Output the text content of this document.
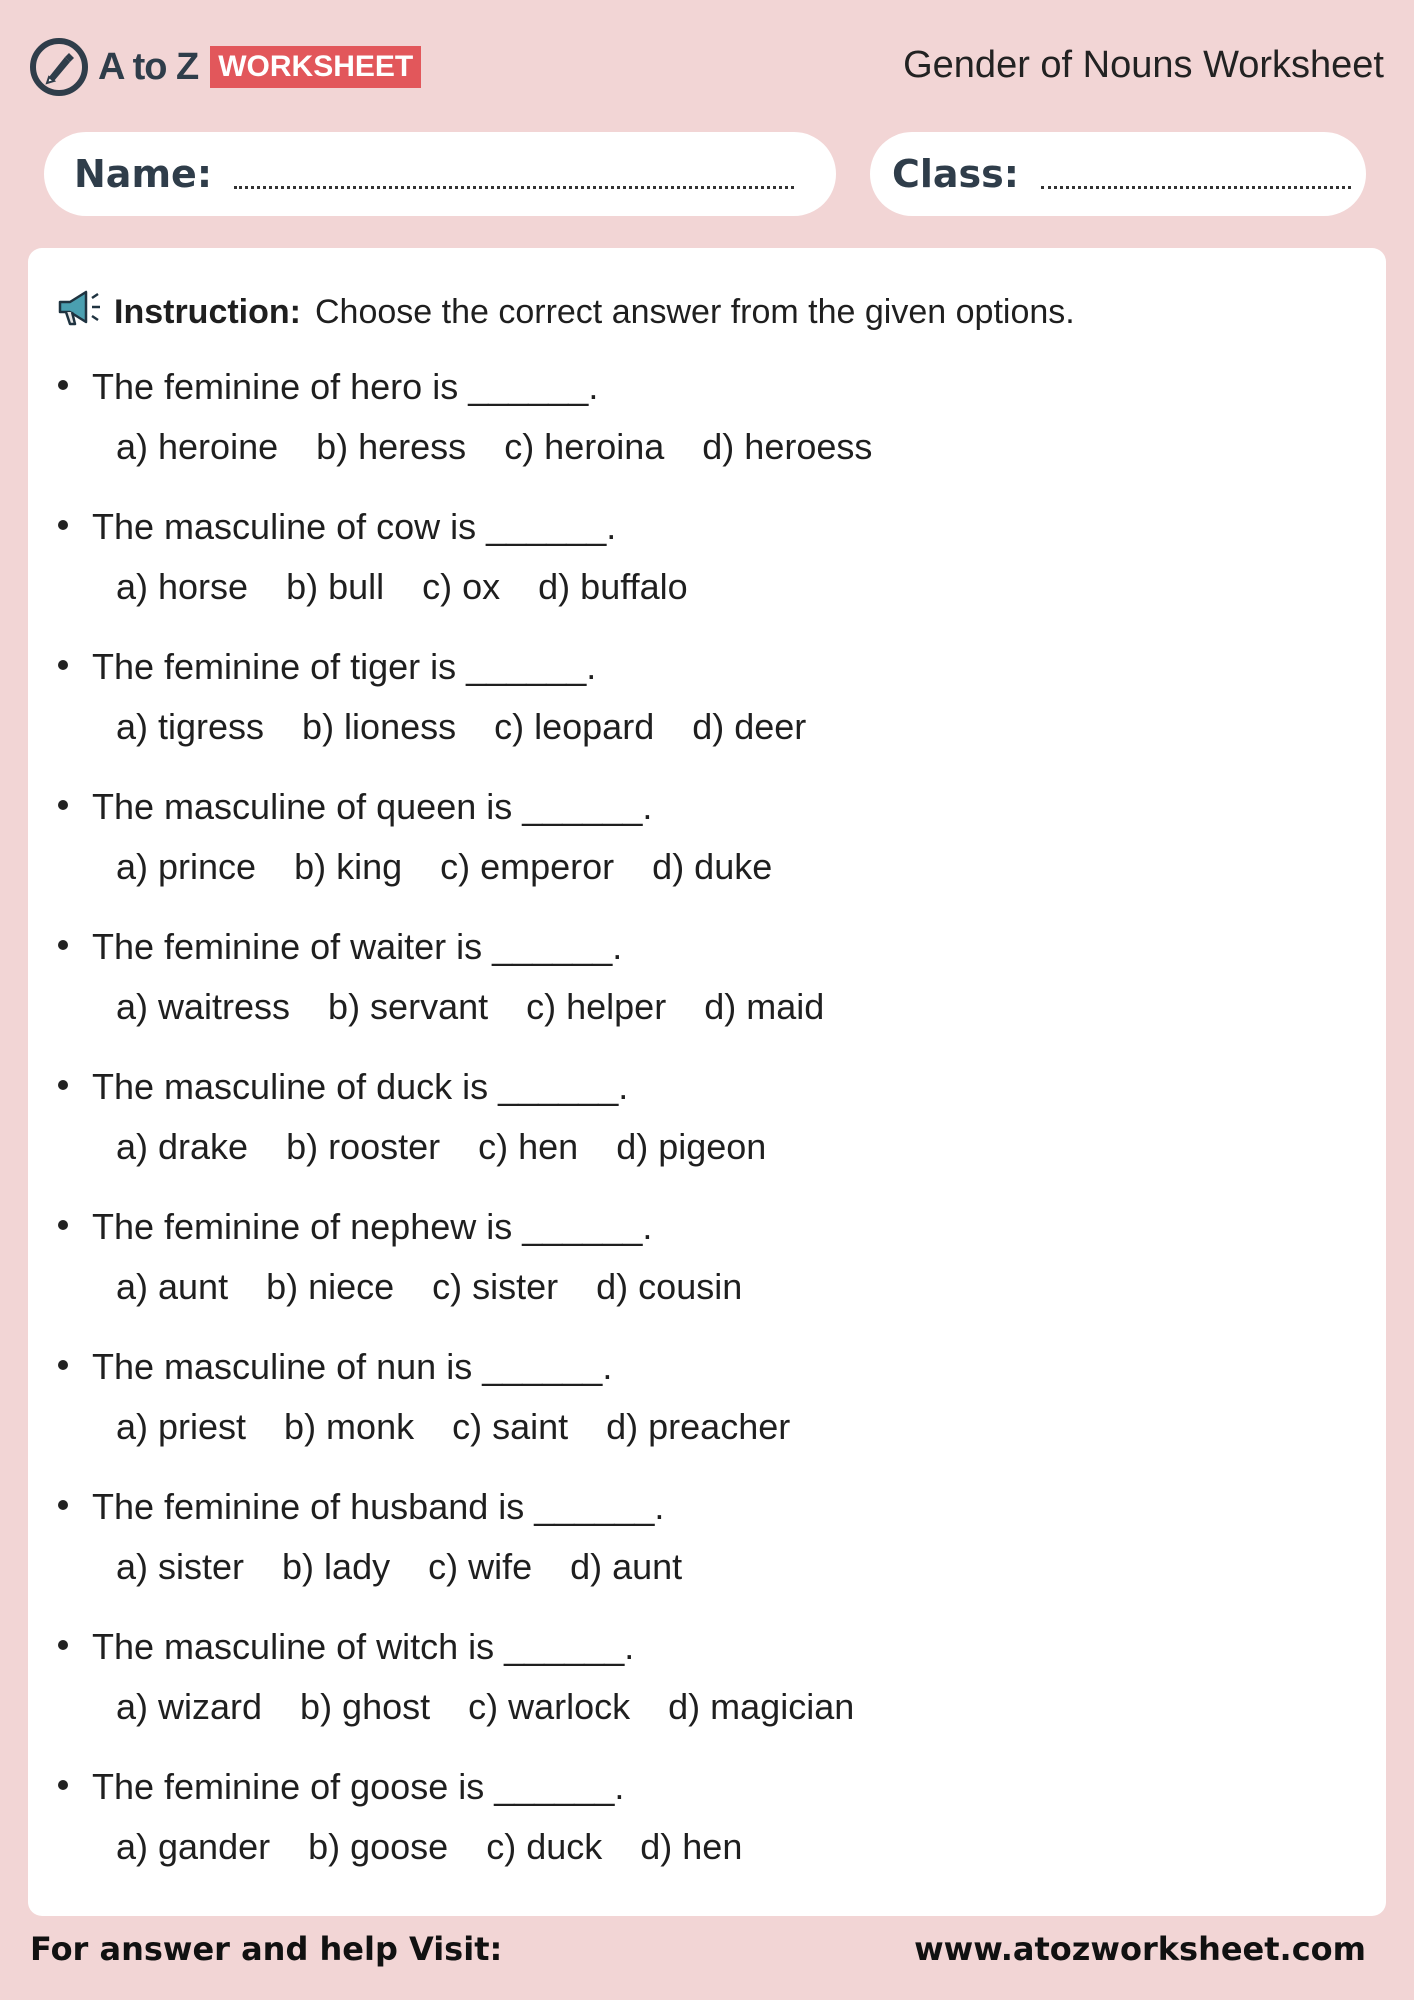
A to Z WORKSHEET	Gender of Nouns Worksheet
Name:	Class:
Instruction: Choose the correct answer from the given options.
The feminine of hero is ______.
a) heroine b) heress c) heroina d) heroess
The masculine of cow is ______.
a) horse b) bull c) ox d) buffalo
The feminine of tiger is ______.
a) tigress b) lioness c) leopard d) deer
The masculine of queen is ______.
a) prince b) king c) emperor d) duke
The feminine of waiter is ______.
a) waitress b) servant c) helper d) maid
The masculine of duck is ______.
a) drake b) rooster c) hen d) pigeon
The feminine of nephew is ______.
a) aunt b) niece c) sister d) cousin
The masculine of nun is ______.
a) priest b) monk c) saint d) preacher
The feminine of husband is ______.
a) sister b) lady c) wife d) aunt
The masculine of witch is ______.
a) wizard b) ghost c) warlock d) magician
The feminine of goose is ______.
a) gander b) goose c) duck d) hen
For answer and help Visit:	www.atozworksheet.com
